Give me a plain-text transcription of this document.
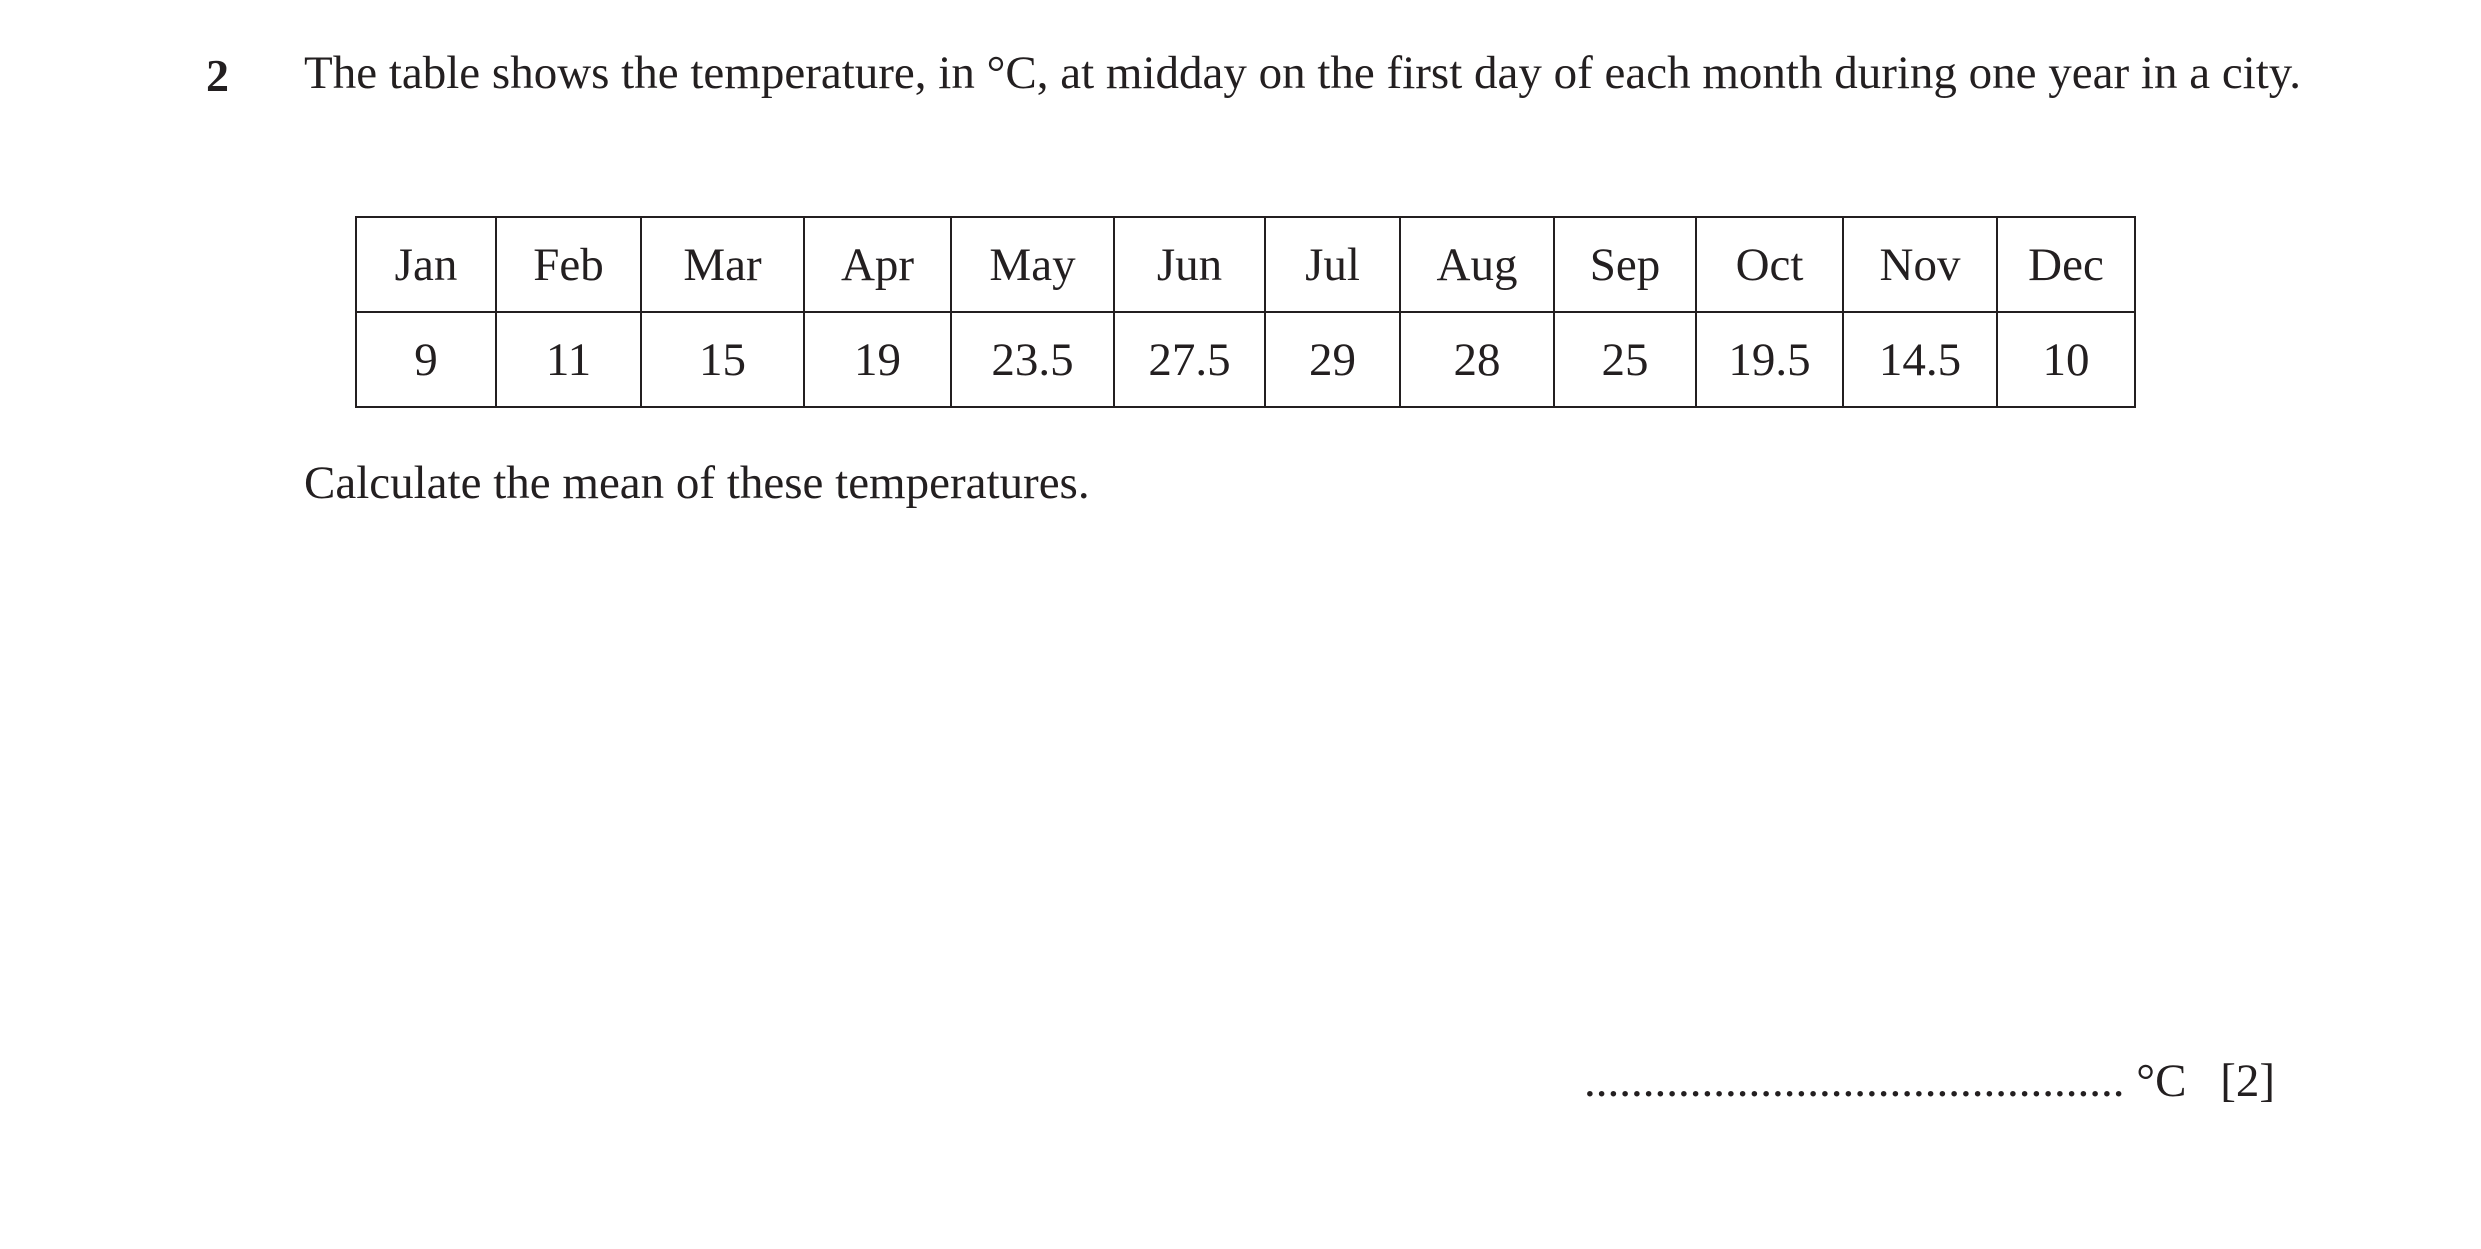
2 The table shows the temperature, in °C, at midday on the first day of each month during one year in a city.
Jan	Feb	Mar	Apr	May	Jun	Jul	Aug	Sep	Oct	Nov	Dec
9	11	15	19	23.5	27.5	29	28	25	19.5	14.5	10
Calculate the mean of these temperatures.
.............................................. °C [2]
